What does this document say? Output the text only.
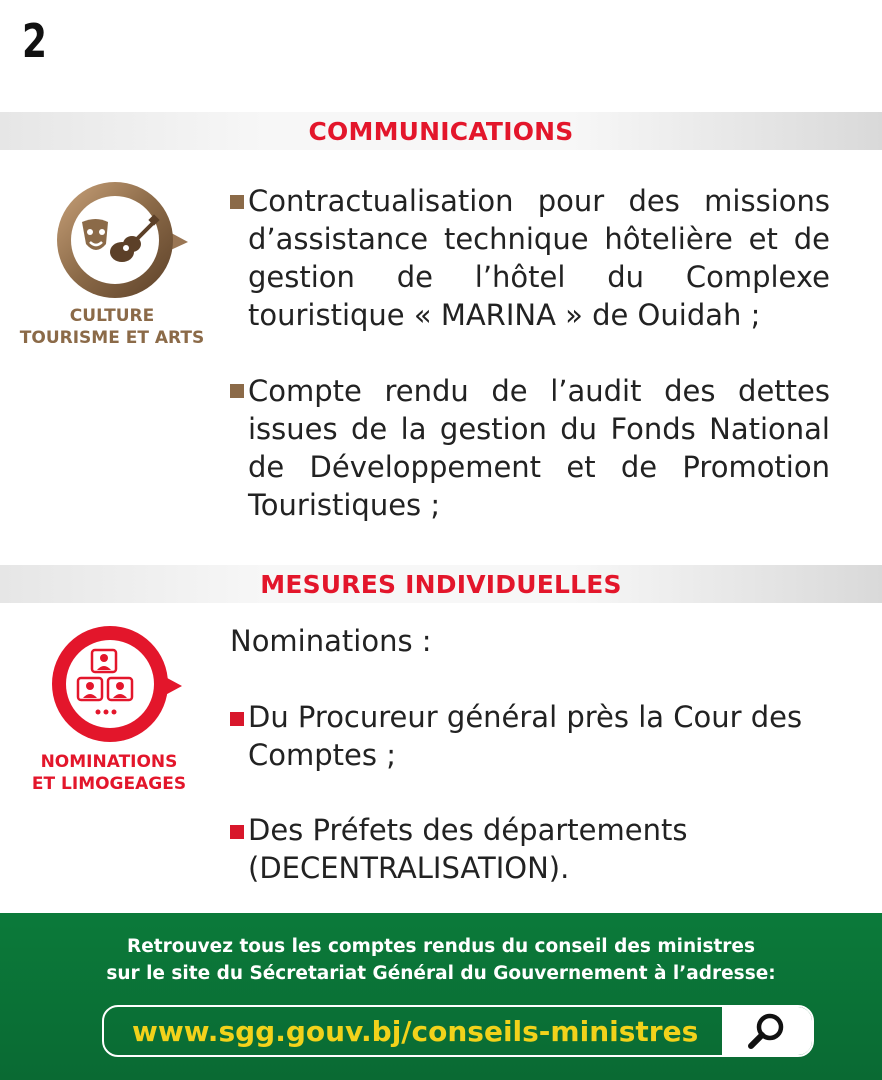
2
COMMUNICATIONS
CULTURE
TOURISME ET ARTS

Contractualisation pour des missions d’assistance technique hôtelière et de gestion de l’hôtel du Complexe touristique « MARINA » de Ouidah ;

Compte rendu de l’audit des dettes issues de la gestion du Fonds National de Développement et de Promotion Touristiques ;

MESURES INDIVIDUELLES
NOMINATIONS
ET LIMOGEAGES

Nominations :

Du Procureur général près la Cour des Comptes ;

Des Préfets des départements (DECENTRALISATION).

Retrouvez tous les comptes rendus du conseil des ministres
sur le site du Sécretariat Général du Gouvernement à l’adresse:
www.sgg.gouv.bj/conseils-ministres
